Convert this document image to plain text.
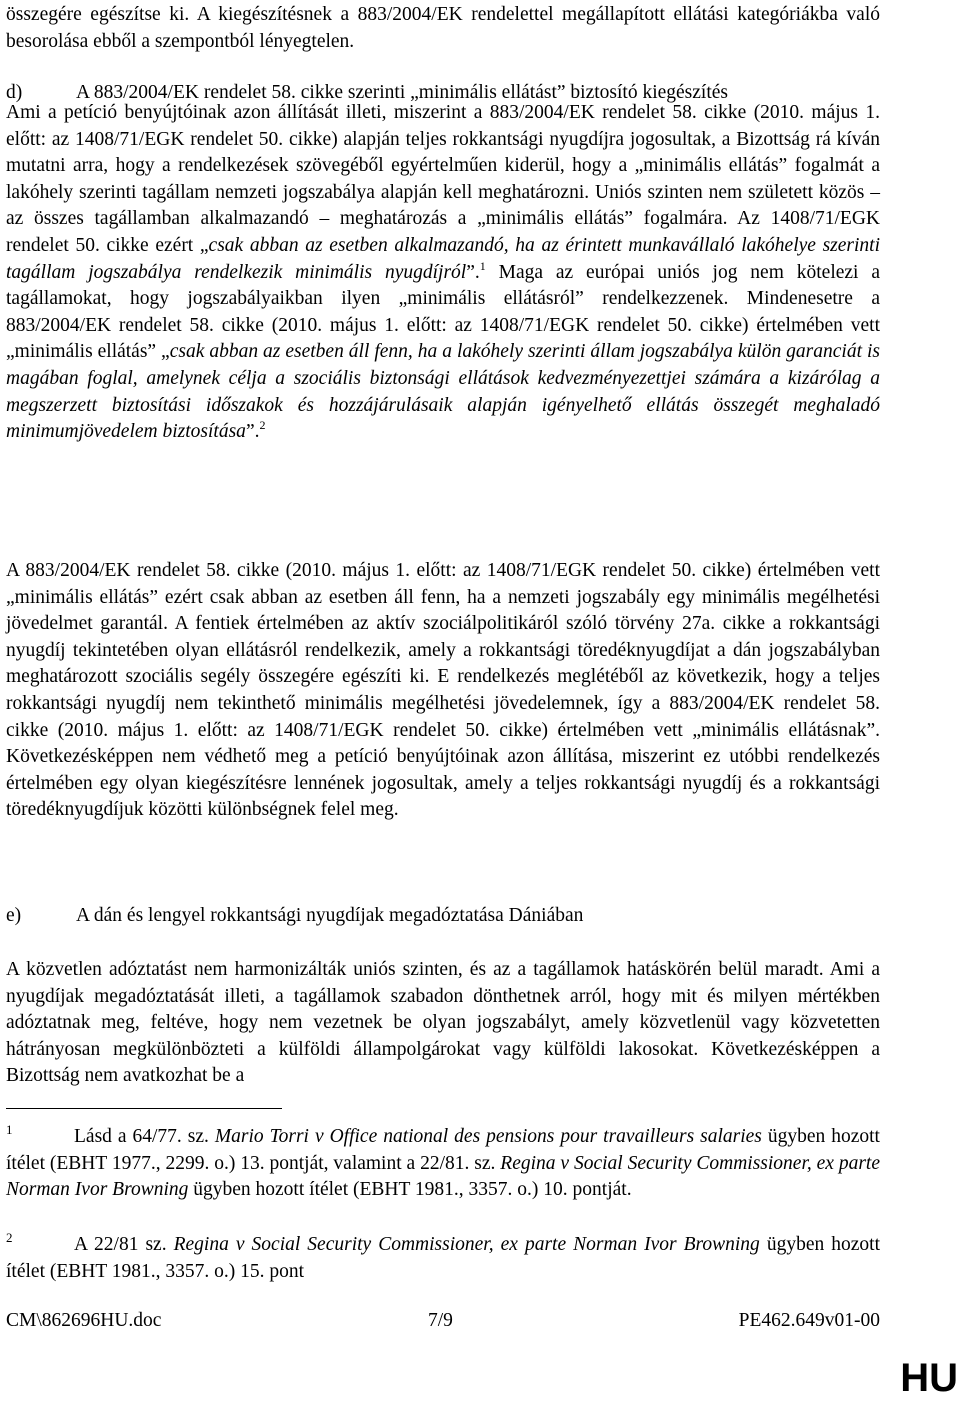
összegére egészítse ki. A kiegészítésnek a 883/2004/EK rendelettel megállapított ellátási kategóriákba való besorolása ebből a szempontból lényegtelen.

d)	A 883/2004/EK rendelet 58. cikke szerinti „minimális ellátást” biztosító kiegészítés

Ami a petíció benyújtóinak azon állítását illeti, miszerint a 883/2004/EK rendelet 58. cikke (2010. május 1. előtt: az 1408/71/EGK rendelet 50. cikke) alapján teljes rokkantsági nyugdíjra jogosultak, a Bizottság rá kíván mutatni arra, hogy a rendelkezések szövegéből egyértelműen kiderül, hogy a „minimális ellátás” fogalmát a lakóhely szerinti tagállam nemzeti jogszabálya alapján kell meghatározni. Uniós szinten nem született közös – az összes tagállamban alkalmazandó – meghatározás a „minimális ellátás” fogalmára. Az 1408/71/EGK rendelet 50. cikke ezért „csak abban az esetben alkalmazandó, ha az érintett munkavállaló lakóhelye szerinti tagállam jogszabálya rendelkezik minimális nyugdíjról”.$^1$ Maga az európai uniós jog nem kötelezi a tagállamokat, hogy jogszabályaikban ilyen „minimális ellátásról” rendelkezzenek. Mindenesetre a 883/2004/EK rendelet 58. cikke (2010. május 1. előtt: az 1408/71/EGK rendelet 50. cikke) értelmében vett „minimális ellátás” „csak abban az esetben áll fenn, ha a lakóhely szerinti állam jogszabálya külön garanciát is magában foglal, amelynek célja a szociális biztonsági ellátások kedvezményezettjei számára a kizárólag a megszerzett biztosítási időszakok és hozzájárulásaik alapján igényelhető ellátás összegét meghaladó minimumjövedelem biztosítása”.$^2$

A 883/2004/EK rendelet 58. cikke (2010. május 1. előtt: az 1408/71/EGK rendelet 50. cikke) értelmében vett „minimális ellátás” ezért csak abban az esetben áll fenn, ha a nemzeti jogszabály egy minimális megélhetési jövedelmet garantál. A fentiek értelmében az aktív szociálpolitikáról szóló törvény 27a. cikke a rokkantsági nyugdíj tekintetében olyan ellátásról rendelkezik, amely a rokkantsági töredéknyugdíjat a dán jogszabályban meghatározott szociális segély összegére egészíti ki. E rendelkezés meglétéből az következik, hogy a teljes rokkantsági nyugdíj nem tekinthető minimális megélhetési jövedelemnek, így a 883/2004/EK rendelet 58. cikke (2010. május 1. előtt: az 1408/71/EGK rendelet 50. cikke) értelmében vett „minimális ellátásnak”. Következésképpen nem védhető meg a petíció benyújtóinak azon állítása, miszerint ez utóbbi rendelkezés értelmében egy olyan kiegészítésre lennének jogosultak, amely a teljes rokkantsági nyugdíj és a rokkantsági töredéknyugdíjuk közötti különbségnek felel meg.

e)	A dán és lengyel rokkantsági nyugdíjak megadóztatása Dániában

A közvetlen adóztatást nem harmonizálták uniós szinten, és az a tagállamok hatáskörén belül maradt. Ami a nyugdíjak megadóztatását illeti, a tagállamok szabadon dönthetnek arról, hogy mit és milyen mértékben adóztatnak meg, feltéve, hogy nem vezetnek be olyan jogszabályt, amely közvetlenül vagy közvetetten hátrányosan megkülönbözteti a külföldi állampolgárokat vagy külföldi lakosokat. Következésképpen a Bizottság nem avatkozhat be a

1	Lásd a 64/77. sz. Mario Torri v Office national des pensions pour travailleurs salaries ügyben hozott ítélet (EBHT 1977., 2299. o.) 13. pontját, valamint a 22/81. sz. Regina v Social Security Commissioner, ex parte Norman Ivor Browning ügyben hozott ítélet (EBHT 1981., 3357. o.) 10. pontját.

2	A 22/81 sz. Regina v Social Security Commissioner, ex parte Norman Ivor Browning ügyben hozott ítélet (EBHT 1981., 3357. o.) 15. pont

CM\862696HU.doc	7/9	PE462.649v01-00
HU
